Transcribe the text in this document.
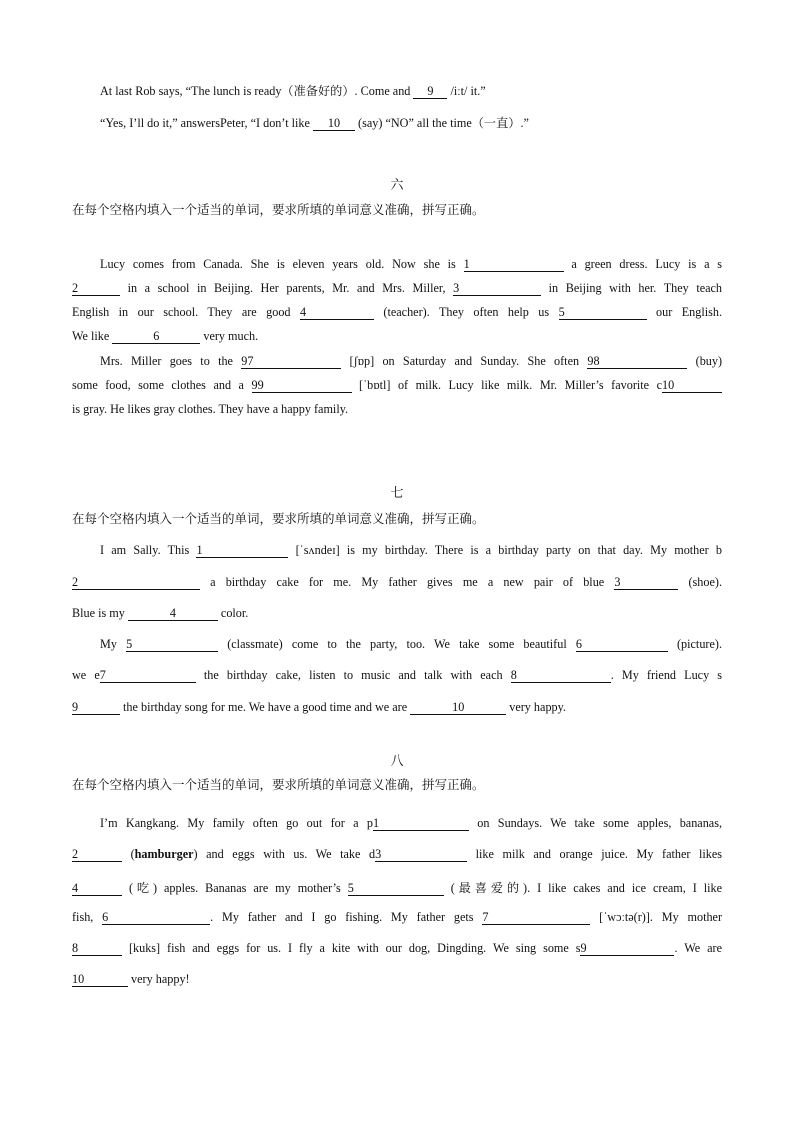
At last Rob says, “The lunch is ready（准备好的）. Come and 9 /iːt/ it.”
“Yes, I’ll do it,” answersPeter, “I don’t like 10 (say) “NO” all the time（一直）.”
六
在每个空格内填入一个适当的单词，要求所填的单词意义准确，拼写正确。
Lucy comes from Canada. She is eleven years old. Now she is 1	a green dress. Lucy is a s
2	in a school in Beijing. Her parents, Mr. and Mrs. Miller, 3	in Beijing with her. They teach
English in our school. They are good 4	(teacher). They often help us 5	our English.
We like	6	very much.
Mrs. Miller goes to the 97	[ʃɒp] on Saturday and Sunday. She often 98	(buy)
some food, some clothes and a 99	[ˈbɒtl] of milk. Lucy like milk. Mr. Miller’s favorite c10
is gray. He likes gray clothes. They have a happy family.
七
在每个空格内填入一个适当的单词，要求所填的单词意义准确，拼写正确。
I am Sally. This 1	[ˈsʌndeɪ] is my birthday. There is a birthday party on that day. My mother b
2	a birthday cake for me. My father gives me a new pair of blue 3	(shoe).
Blue is my	4	color.
My 5	(classmate) come to the party, too. We take some beautiful 6	(picture).
we e7	the birthday cake, listen to music and talk with each 8	. My friend Lucy s
9	the birthday song for me. We have a good time and we are	10	very happy.
八
在每个空格内填入一个适当的单词，要求所填的单词意义准确，拼写正确。
I’m Kangkang. My family often go out for a p1	on Sundays. We take some apples, bananas,
2	(hamburger) and eggs with us. We take d3	like milk and orange juice. My father likes
4	(吃) apples. Bananas are my mother’s 5	(最喜爱的). I like cakes and ice cream, I like
fish, 6	. My father and I go fishing. My father gets 7	[ˈwɔːtə(r)]. My mother
8	[kuks] fish and eggs for us. I fly a kite with our dog, Dingding. We sing some s9	. We are
10	very happy!
